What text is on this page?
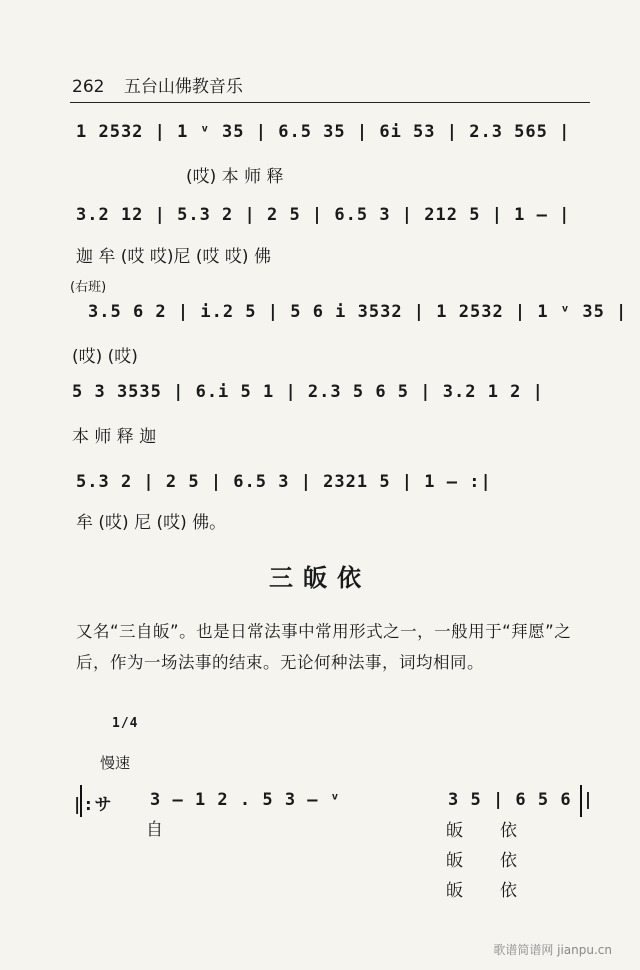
262 五台山佛教音乐
1 2532 | 1 ᵛ 35 | 6.5 35 | 6i 53 | 2.3 565 |
(哎) 本 师 释
3.2 12 | 5.3 2 | 2 5 | 6.5 3 | 212 5 | 1 — |
迦 牟 (哎 哎)尼 (哎 哎) 佛
(右班)
3.5 6 2 | i.2 5 | 5 6 i 3532 | 1 2532 | 1 ᵛ 35 |
(哎) (哎)
5 3 3535 | 6.i 5 1 | 2.3 5 6 5 | 3.2 1 2 |
本 师 释 迦
5.3 2 | 2 5 | 6.5 3 | 2321 5 | 1 — :|
牟 (哎) 尼 (哎) 佛。
三皈依
又名“三自皈”。也是日常法事中常用形式之一，一般用于“拜愿”之后，作为一场法事的结束。无论何种法事，词均相同。
1/4
慢速
|:サ 3 — 1 2 . 5 3 — ᵛ	3 5 | 6 5 6 |
自	皈 依
皈 依
皈 依
歌谱简谱网 jianpu.cn
